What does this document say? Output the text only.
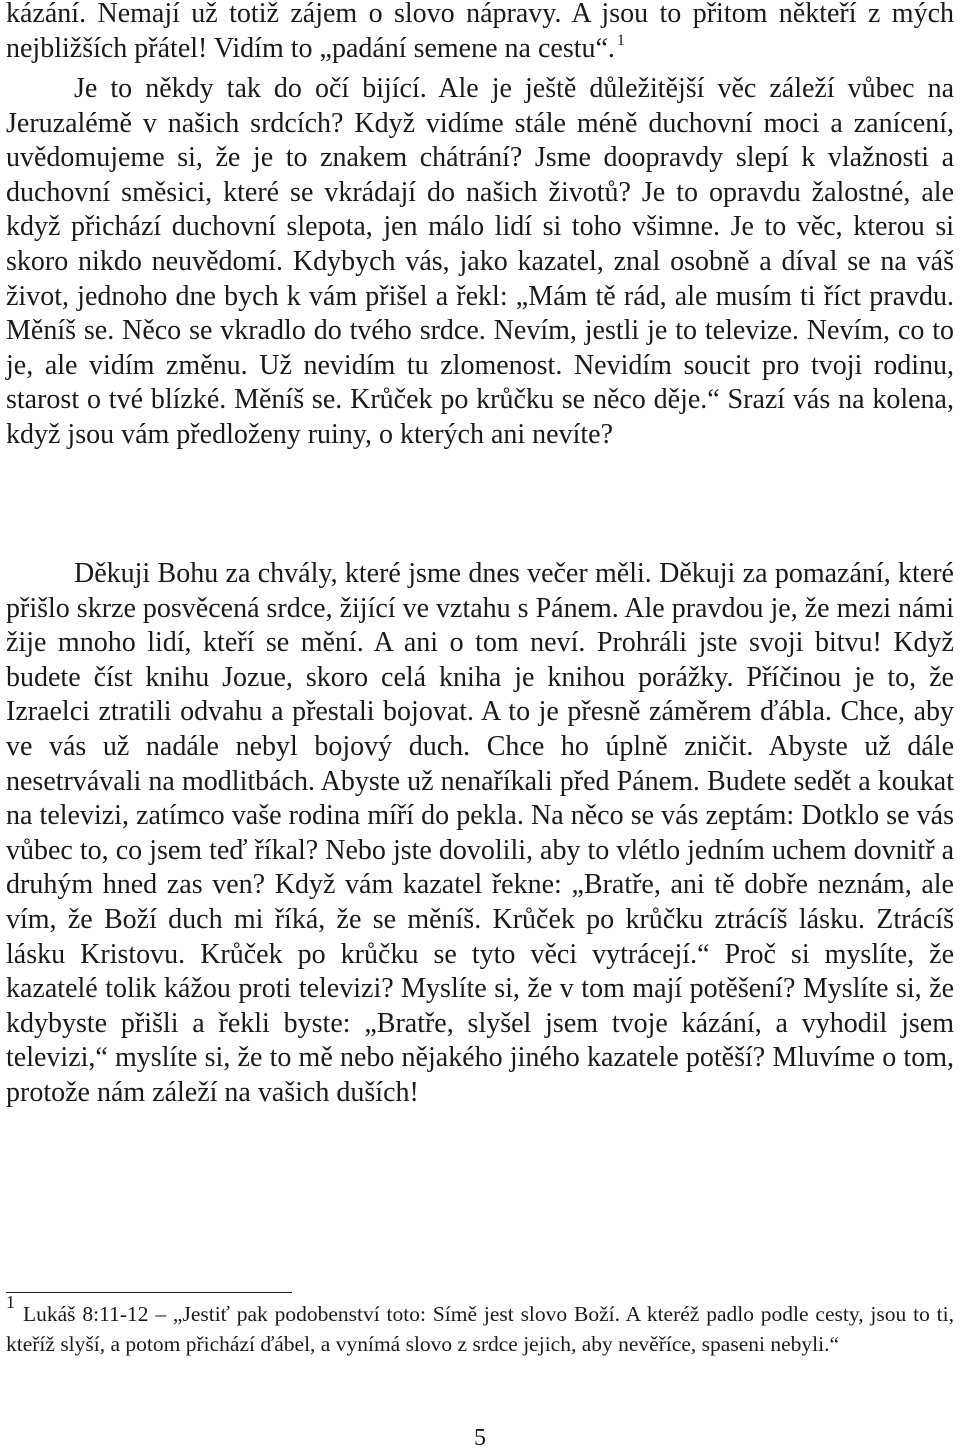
kázání. Nemají už totiž zájem o slovo nápravy. A jsou to přitom někteří z mých nejbližších přátel! Vidím to „padání semene na cestu“. $^1$

Je to někdy tak do očí bijící. Ale je ještě důležitější věc záleží vůbec na Jeruzalémě v našich srdcích? Když vidíme stále méně duchovní moci a zanícení, uvědomujeme si, že je to znakem chátrání? Jsme doopravdy slepí k vlažnosti a duchovní směsici, které se vkrádají do našich životů? Je to opravdu žalostné, ale když přichází duchovní slepota, jen málo lidí si toho všimne. Je to věc, kterou si skoro nikdo neuvědomí. Kdybych vás, jako kazatel, znal osobně a díval se na váš život, jednoho dne bych k vám přišel a řekl: „Mám tě rád, ale musím ti říct pravdu. Měníš se. Něco se vkradlo do tvého srdce. Nevím, jestli je to televize. Nevím, co to je, ale vidím změnu. Už nevidím tu zlomenost. Nevidím soucit pro tvoji rodinu, starost o tvé blízké. Měníš se. Krůček po krůčku se něco děje.“ Srazí vás na kolena, když jsou vám předloženy ruiny, o kterých ani nevíte?

Děkuji Bohu za chvály, které jsme dnes večer měli. Děkuji za pomazání, které přišlo skrze posvěcená srdce, žijící ve vztahu s Pánem. Ale pravdou je, že mezi námi žije mnoho lidí, kteří se mění. A ani o tom neví. Prohráli jste svoji bitvu! Když budete číst knihu Jozue, skoro celá kniha je knihou porážky. Příčinou je to, že Izraelci ztratili odvahu a přestali bojovat. A to je přesně záměrem ďábla. Chce, aby ve vás už nadále nebyl bojový duch. Chce ho úplně zničit. Abyste už dále nesetrvávali na modlitbách. Abyste už nenaříkali před Pánem. Budete sedět a koukat na televizi, zatímco vaše rodina míří do pekla. Na něco se vás zeptám: Dotklo se vás vůbec to, co jsem teď říkal? Nebo jste dovolili, aby to vlétlo jedním uchem dovnitř a druhým hned zas ven? Když vám kazatel řekne: „Bratře, ani tě dobře neznám, ale vím, že Boží duch mi říká, že se měníš. Krůček po krůčku ztrácíš lásku. Ztrácíš lásku Kristovu. Krůček po krůčku se tyto věci vytrácejí.“ Proč si myslíte, že kazatelé tolik kážou proti televizi? Myslíte si, že v tom mají potěšení? Myslíte si, že kdybyste přišli a řekli byste: „Bratře, slyšel jsem tvoje kázání, a vyhodil jsem televizi,“ myslíte si, že to mě nebo nějakého jiného kazatele potěší? Mluvíme o tom, protože nám záleží na vašich duších!

$^1$ Lukáš 8:11-12 – „Jestiť pak podobenství toto: Símě jest slovo Boží. A kteréž padlo podle cesty, jsou to ti, kteříž slyší, a potom přichází ďábel, a vynímá slovo z srdce jejich, aby nevěříce, spaseni nebyli.“

5
